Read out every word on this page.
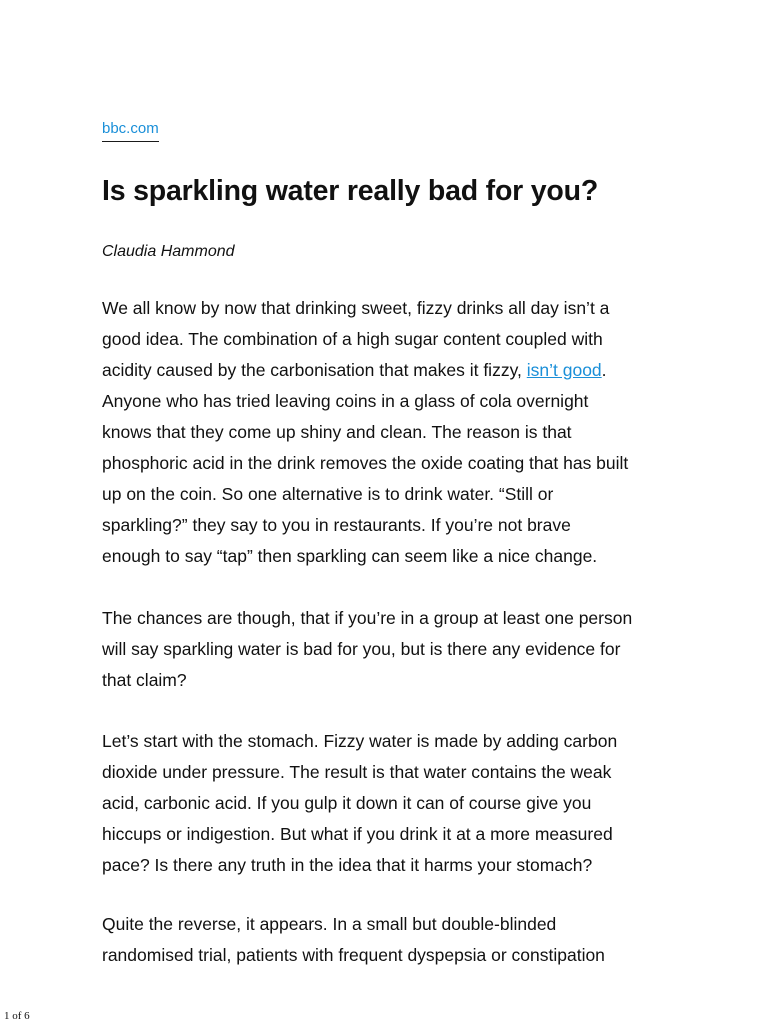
bbc.com
Is sparkling water really bad for you?
Claudia Hammond

We all know by now that drinking sweet, fizzy drinks all day isn’t a
good idea. The combination of a high sugar content coupled with
acidity caused by the carbonisation that makes it fizzy, isn’t good.
Anyone who has tried leaving coins in a glass of cola overnight
knows that they come up shiny and clean. The reason is that
phosphoric acid in the drink removes the oxide coating that has built
up on the coin. So one alternative is to drink water. “Still or
sparkling?” they say to you in restaurants. If you’re not brave
enough to say “tap” then sparkling can seem like a nice change.

The chances are though, that if you’re in a group at least one person
will say sparkling water is bad for you, but is there any evidence for
that claim?

Let’s start with the stomach. Fizzy water is made by adding carbon
dioxide under pressure. The result is that water contains the weak
acid, carbonic acid. If you gulp it down it can of course give you
hiccups or indigestion. But what if you drink it at a more measured
pace? Is there any truth in the idea that it harms your stomach?

Quite the reverse, it appears. In a small but double-blinded
randomised trial, patients with frequent dyspepsia or constipation

1 of 6
